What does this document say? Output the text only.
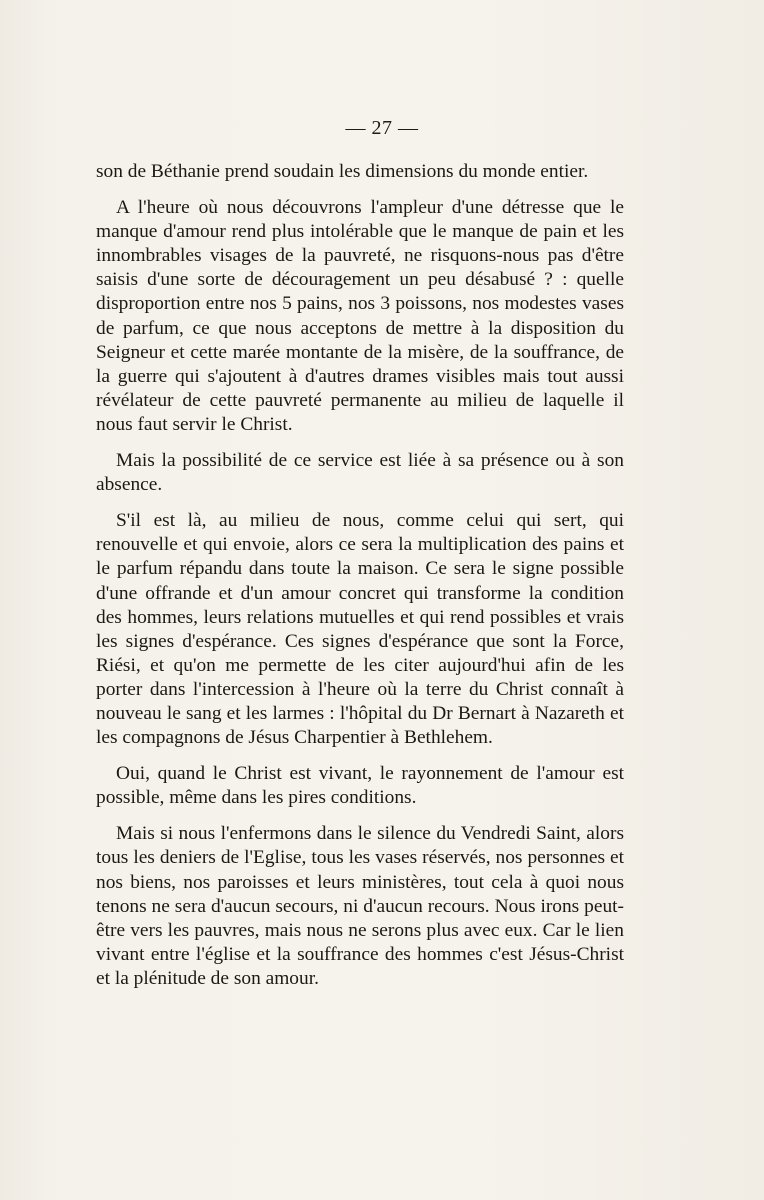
— 27 —

son de Béthanie prend soudain les dimensions du monde entier.

A l'heure où nous découvrons l'ampleur d'une détresse que le manque d'amour rend plus intolérable que le manque de pain et les innombrables visages de la pauvreté, ne risquons-nous pas d'être saisis d'une sorte de découragement un peu désabusé ? : quelle disproportion entre nos 5 pains, nos 3 poissons, nos modestes vases de parfum, ce que nous acceptons de mettre à la disposition du Seigneur et cette marée montante de la misère, de la souffrance, de la guerre qui s'ajoutent à d'autres drames visibles mais tout aussi révélateur de cette pauvreté permanente au milieu de laquelle il nous faut servir le Christ.

Mais la possibilité de ce service est liée à sa présence ou à son absence.

S'il est là, au milieu de nous, comme celui qui sert, qui renouvelle et qui envoie, alors ce sera la multiplication des pains et le parfum répandu dans toute la maison. Ce sera le signe possible d'une offrande et d'un amour concret qui transforme la condition des hommes, leurs relations mutuelles et qui rend possibles et vrais les signes d'espérance. Ces signes d'espérance que sont la Force, Riési, et qu'on me permette de les citer aujourd'hui afin de les porter dans l'intercession à l'heure où la terre du Christ connaît à nouveau le sang et les larmes : l'hôpital du Dr Bernart à Nazareth et les compagnons de Jésus Charpentier à Bethlehem.

Oui, quand le Christ est vivant, le rayonnement de l'amour est possible, même dans les pires conditions.

Mais si nous l'enfermons dans le silence du Vendredi Saint, alors tous les deniers de l'Eglise, tous les vases réservés, nos personnes et nos biens, nos paroisses et leurs ministères, tout cela à quoi nous tenons ne sera d'aucun secours, ni d'aucun recours. Nous irons peut-être vers les pauvres, mais nous ne serons plus avec eux. Car le lien vivant entre l'église et la souffrance des hommes c'est Jésus-Christ et la plénitude de son amour.
